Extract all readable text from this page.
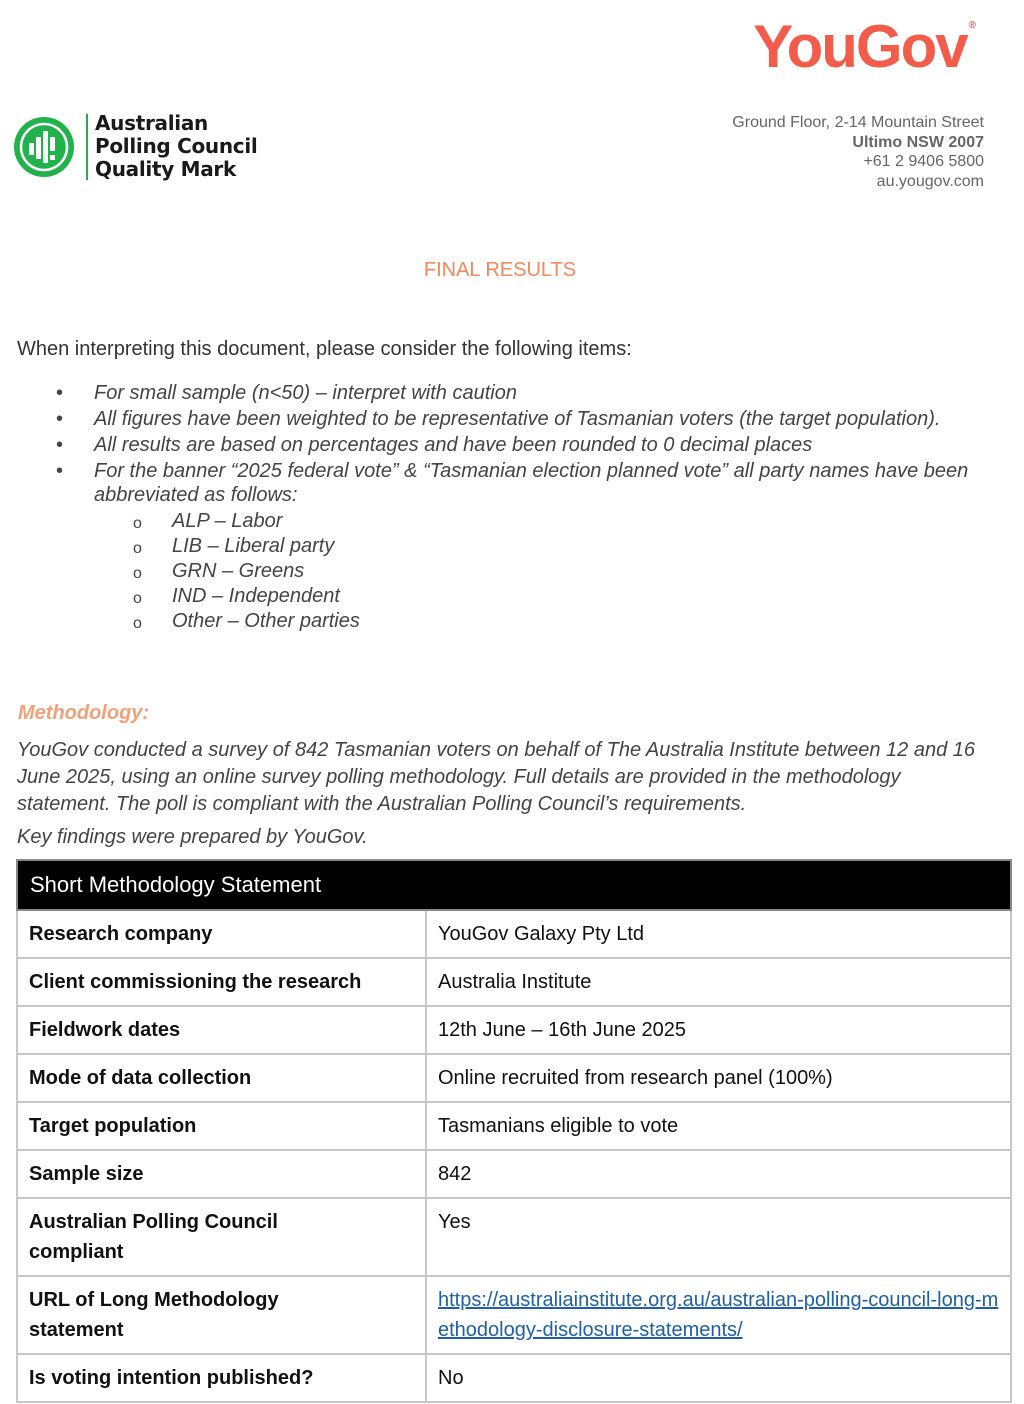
YouGov ®
Australian
Polling Council
Quality Mark
Ground Floor, 2-14 Mountain Street
Ultimo NSW 2007
+61 2 9406 5800
au.yougov.com
FINAL RESULTS
When interpreting this document, please consider the following items:
• For small sample (n<50) – interpret with caution
• All figures have been weighted to be representative of Tasmanian voters (the target population).
• All results are based on percentages and have been rounded to 0 decimal places
• For the banner “2025 federal vote” & “Tasmanian election planned vote” all party names have been abbreviated as follows:
o ALP – Labor
o LIB – Liberal party
o GRN – Greens
o IND – Independent
o Other – Other parties
Methodology:
YouGov conducted a survey of 842 Tasmanian voters on behalf of The Australia Institute between 12 and 16 June 2025, using an online survey polling methodology. Full details are provided in the methodology statement. The poll is compliant with the Australian Polling Council’s requirements.
Key findings were prepared by YouGov.
Short Methodology Statement	
Research company	YouGov Galaxy Pty Ltd
Client commissioning the research	Australia Institute
Fieldwork dates	12th June – 16th June 2025
Mode of data collection	Online recruited from research panel (100%)
Target population	Tasmanians eligible to vote
Sample size	842
Australian Polling Council compliant	Yes
URL of Long Methodology statement	https://australiainstitute.org.au/australian-polling-council-long-methodology-disclosure-statements/
Is voting intention published?	No
